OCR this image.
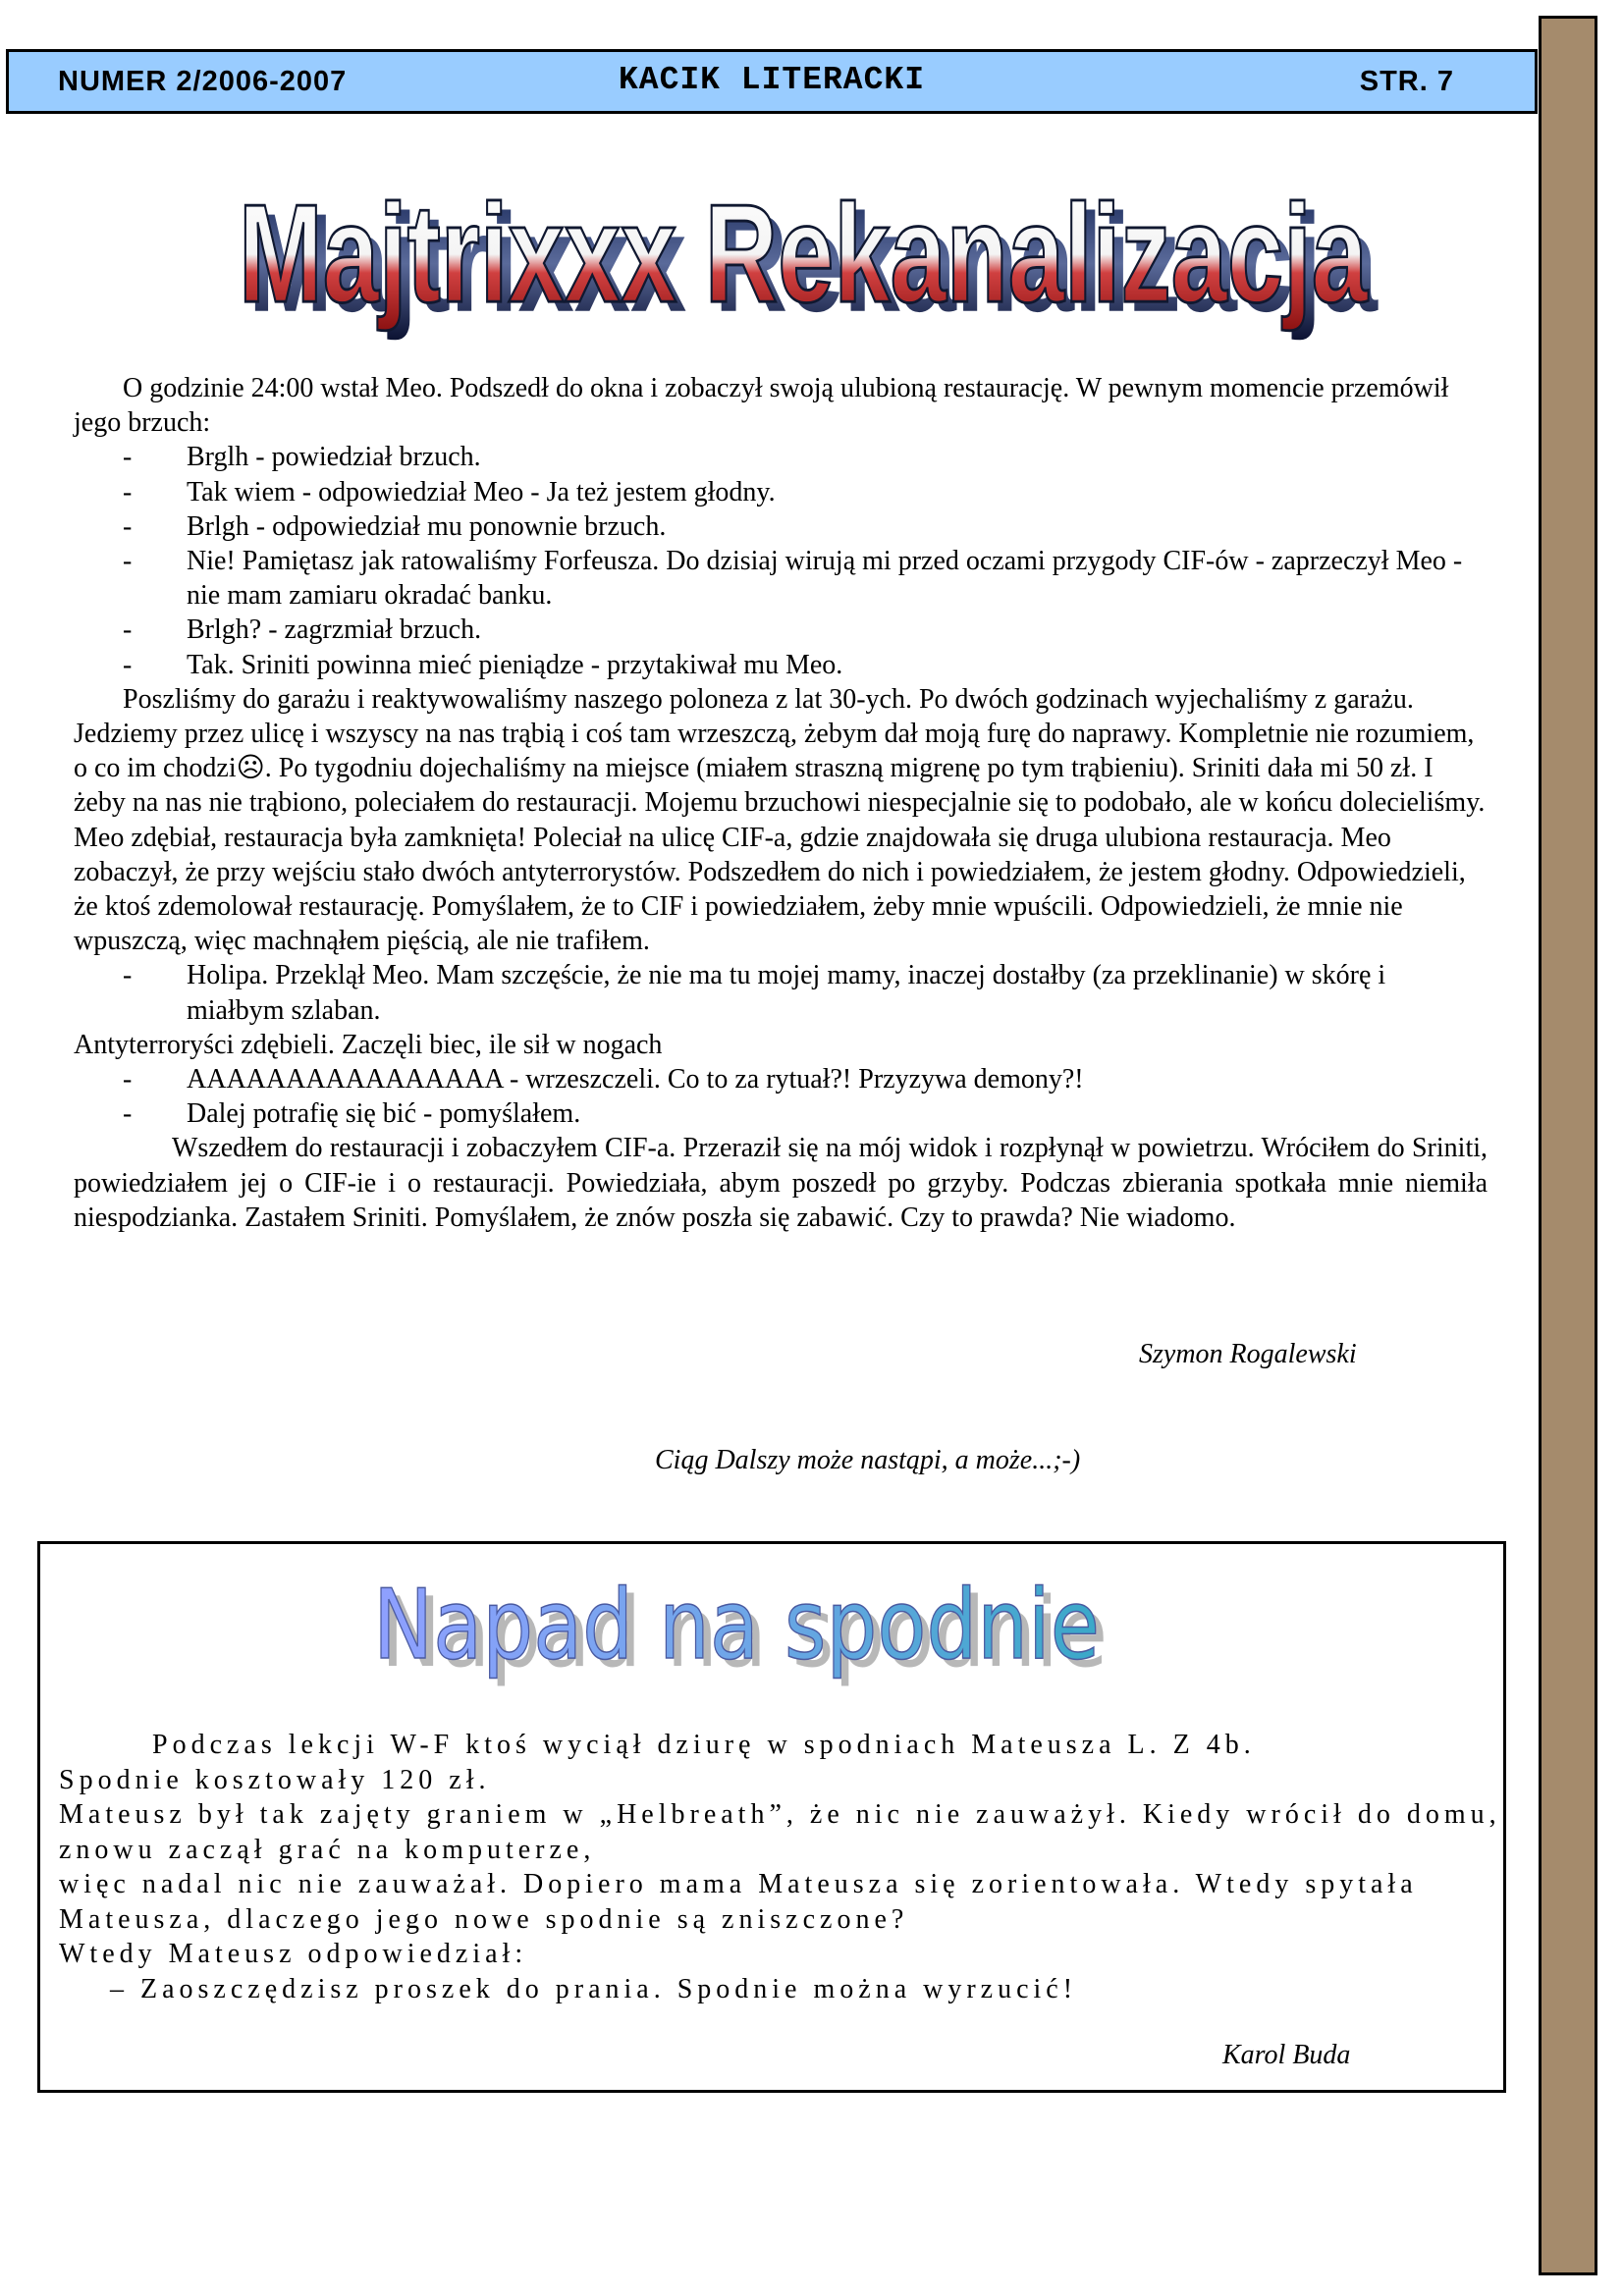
NUMER 2/2006-2007	KACIK LITERACKI	STR. 7
Majtrixxx Rekanalizacja
Majtrixxx Rekanalizacja

O godzinie 24:00 wstał Meo. Podszedł do okna i zobaczył swoją ulubioną restaurację. W pewnym momencie przemówił jego brzuch:

-	Brglh - powiedział brzuch.
-	Tak wiem - odpowiedział Meo - Ja też jestem głodny.
-	Brlgh - odpowiedział mu ponownie brzuch.
-	Nie! Pamiętasz jak ratowaliśmy Forfeusza. Do dzisiaj wirują mi przed oczami przygody CIF-ów - zaprzeczył Meo - nie mam zamiaru okradać banku.
-	Brlgh? - zagrzmiał brzuch.
-	Tak. Sriniti powinna mieć pieniądze - przytakiwał mu Meo.

Poszliśmy do garażu i reaktywowaliśmy naszego poloneza z lat 30-ych. Po dwóch godzinach wyjechaliśmy z garażu. Jedziemy przez ulicę i wszyscy na nas trąbią i coś tam wrzeszczą, żebym dał moją furę do naprawy. Kompletnie nie rozumiem, o co im chodzi☹. Po tygodniu dojechaliśmy na miejsce (miałem straszną migrenę po tym trąbieniu). Sriniti dała mi 50 zł. I żeby na nas nie trąbiono, poleciałem do restauracji. Mojemu brzuchowi niespecjalnie się to podobało, ale w końcu dolecieliśmy. Meo zdębiał, restauracja była zamknięta! Poleciał na ulicę CIF-a, gdzie znajdowała się druga ulubiona restauracja. Meo zobaczył, że przy wejściu stało dwóch antyterrorystów. Podszedłem do nich i powiedziałem, że jestem głodny. Odpowiedzieli, że ktoś zdemolował restaurację. Pomyślałem, że to CIF i powiedziałem, żeby mnie wpuścili. Odpowiedzieli, że mnie nie wpuszczą, więc machnąłem pięścią, ale nie trafiłem.

-	Holipa. Przeklął Meo. Mam szczęście, że nie ma tu mojej mamy, inaczej dostałby (za przeklinanie) w skórę i miałbym szlaban.

Antyterroryści zdębieli. Zaczęli biec, ile sił w nogach

-	AAAAAAAAAAAAAAAA - wrzeszczeli. Co to za rytuał?! Przyzywa demony?!
-	Dalej potrafię się bić - pomyślałem.

Wszedłem do restauracji i zobaczyłem CIF-a. Przeraził się na mój widok i rozpłynął w powietrzu. Wróciłem do Sriniti, powiedziałem jej o CIF-ie i o restauracji. Powiedziała, abym poszedł po grzyby. Podczas zbierania spotkała mnie niemiła niespodzianka. Zastałem Sriniti. Pomyślałem, że znów poszła się zabawić. Czy to prawda? Nie wiadomo.

Szymon Rogalewski
Ciąg Dalszy może nastąpi, a może...;-)
Napad na spodnie
Napad na spodnie

Podczas lekcji W-F ktoś wyciął dziurę w spodniach Mateusza L. Z 4b.

Spodnie kosztowały 120 zł.

Mateusz był tak zajęty graniem w „Helbreath”, że nic nie zauważył. Kiedy wrócił do domu, znowu zaczął grać na komputerze,

więc nadal nic nie zauważał. Dopiero mama Mateusza się zorientowała. Wtedy spytała Mateusza, dlaczego jego nowe spodnie są zniszczone?

Wtedy Mateusz odpowiedział:

– Zaoszczędzisz proszek do prania. Spodnie można wyrzucić!

Karol Buda
